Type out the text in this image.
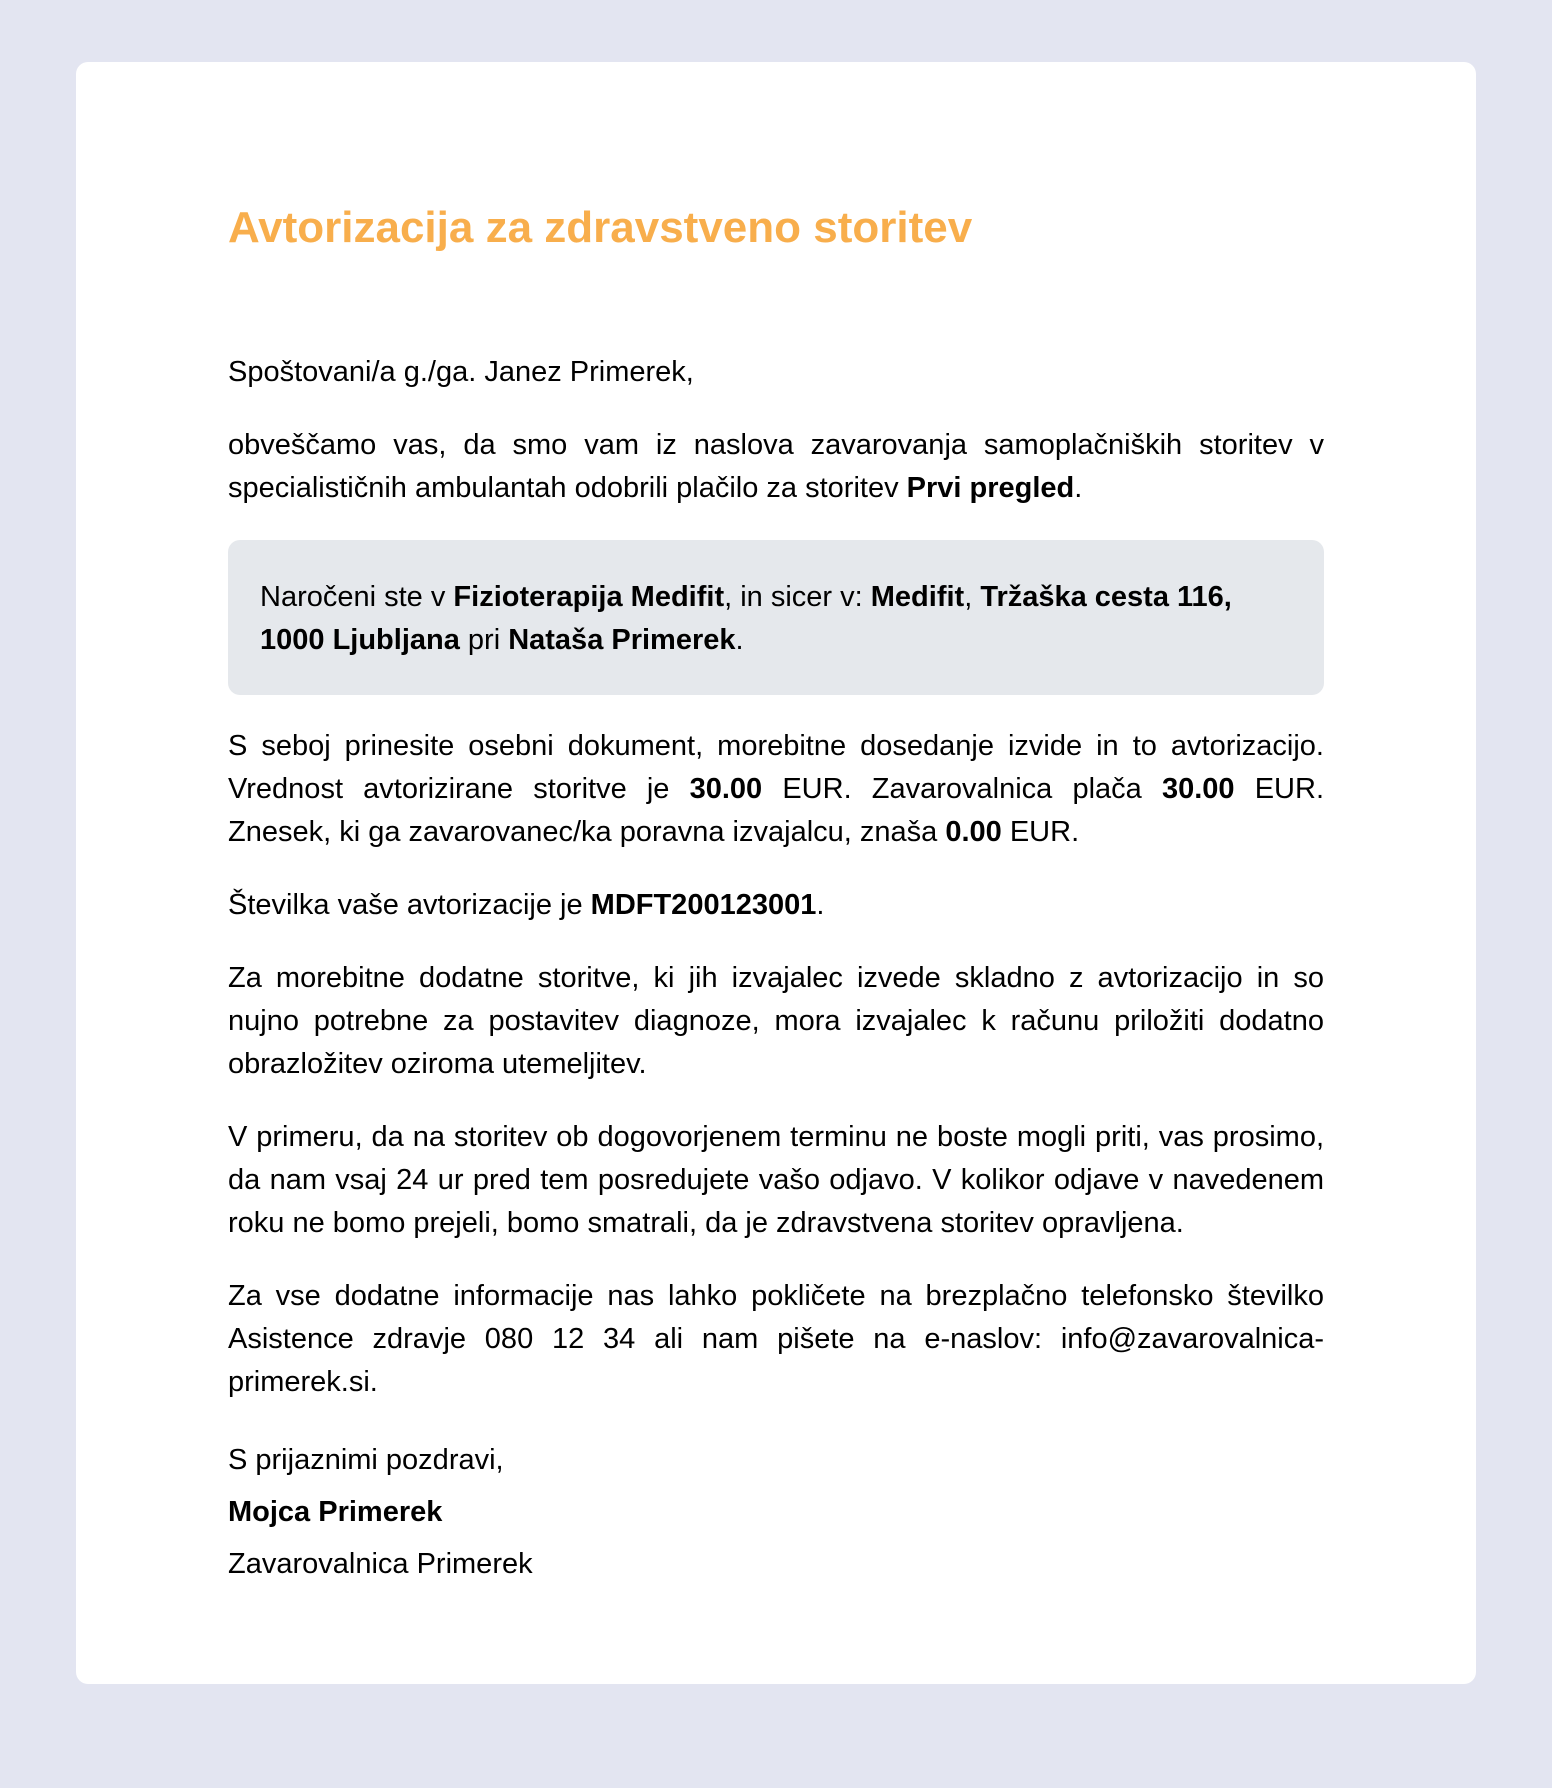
Avtorizacija za zdravstveno storitev

Spoštovani/a g./ga. Janez Primerek,

obveščamo vas, da smo vam iz naslova zavarovanja samoplačniških storitev v specialističnih ambulantah odobrili plačilo za storitev Prvi pregled.

Naročeni ste v Fizioterapija Medifit, in sicer v: Medifit, Tržaška cesta 116, 1000 Ljubljana pri Nataša Primerek.

S seboj prinesite osebni dokument, morebitne dosedanje izvide in to avtorizacijo. Vrednost avtorizirane storitve je 30.00 EUR. Zavarovalnica plača 30.00 EUR. Znesek, ki ga zavarovanec/ka poravna izvajalcu, znaša 0.00 EUR.

Številka vaše avtorizacije je MDFT200123001.

Za morebitne dodatne storitve, ki jih izvajalec izvede skladno z avtorizacijo in so nujno potrebne za postavitev diagnoze, mora izvajalec k računu priložiti dodatno obrazložitev oziroma utemeljitev.

V primeru, da na storitev ob dogovorjenem terminu ne boste mogli priti, vas prosimo, da nam vsaj 24 ur pred tem posredujete vašo odjavo. V kolikor odjave v navedenem roku ne bomo prejeli, bomo smatrali, da je zdravstvena storitev opravljena.

Za vse dodatne informacije nas lahko pokličete na brezplačno telefonsko številko Asistence zdravje 080 12 34 ali nam pišete na e-naslov: info@zavarovalnica-primerek.si.

S prijaznimi pozdravi,

Mojca Primerek

Zavarovalnica Primerek
